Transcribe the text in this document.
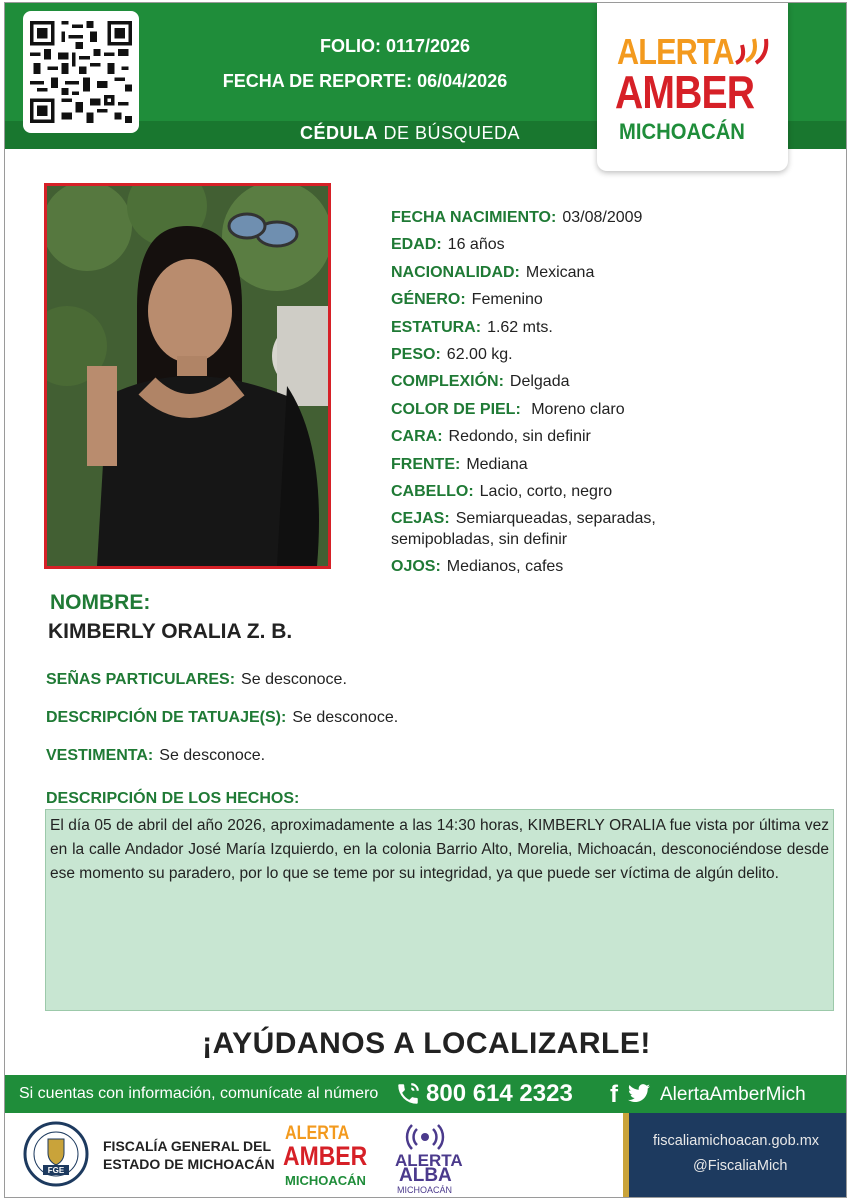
FOLIO: 0117/2026
FECHA DE REPORTE: 06/04/2026
CÉDULA DE BÚSQUEDA
ALERTA
AMBER
MICHOACÁN
FECHA NACIMIENTO: 03/08/2009
EDAD: 16 años
NACIONALIDAD: Mexicana
GÉNERO: Femenino
ESTATURA: 1.62 mts.
PESO: 62.00 kg.
COMPLEXIÓN: Delgada
COLOR DE PIEL: Moreno claro
CARA: Redondo, sin definir
FRENTE: Mediana
CABELLO: Lacio, corto, negro
CEJAS: Semiarqueadas, separadas,
semipobladas, sin definir
OJOS: Medianos, cafes
NOMBRE:
KIMBERLY ORALIA Z. B.
SEÑAS PARTICULARES: Se desconoce.
DESCRIPCIÓN DE TATUAJE(S): Se desconoce.
VESTIMENTA: Se desconoce.
DESCRIPCIÓN DE LOS HECHOS:
El día 05 de abril del año 2026, aproximadamente a las 14:30 horas, KIMBERLY ORALIA fue vista por última vez en la calle Andador José María Izquierdo, en la colonia Barrio Alto, Morelia, Michoacán, desconociéndose desde ese momento su paradero, por lo que se teme por su integridad, ya que puede ser víctima de algún delito.
¡AYÚDANOS A LOCALIZARLE!
Si cuentas con información, comunícate al número 800 614 2323 f AlertaAmberMich
FGE
FISCALÍA GENERAL DEL
ESTADO DE MICHOACÁN
ALERTA
AMBER
MICHOACÁN
ALERTA
ALBA
MICHOACÁN
fiscaliamichoacan.gob.mx
@FiscaliaMich
